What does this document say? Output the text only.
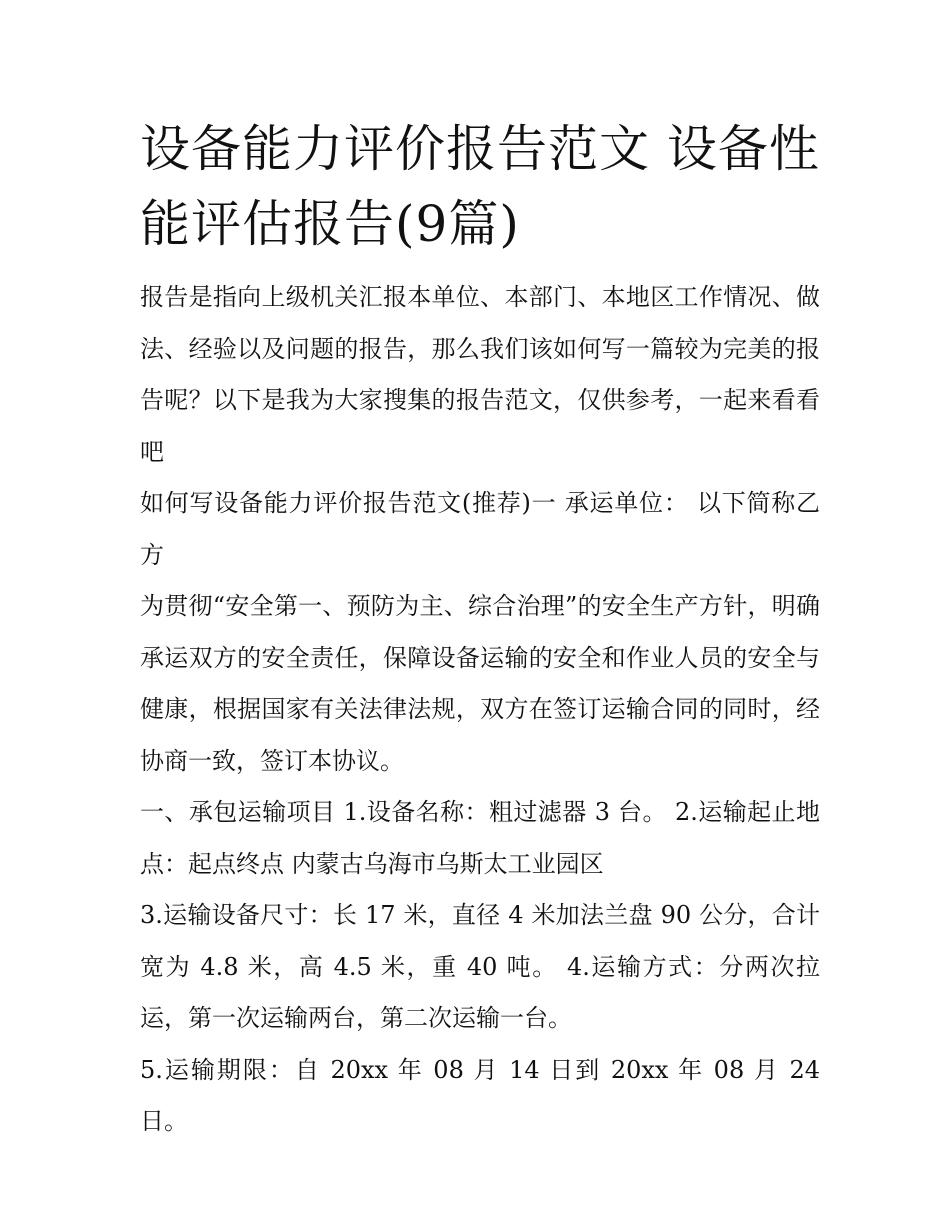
设备能力评价报告范文 设备性能评估报告(9篇)

报告是指向上级机关汇报本单位、本部门、本地区工作情况、做法、经验以及问题的报告，那么我们该如何写一篇较为完美的报告呢？以下是我为大家搜集的报告范文，仅供参考，一起来看看吧

如何写设备能力评价报告范文(推荐)一 承运单位： 以下简称乙方

为贯彻“安全第一、预防为主、综合治理”的安全生产方针，明确承运双方的安全责任，保障设备运输的安全和作业人员的安全与健康，根据国家有关法律法规，双方在签订运输合同的同时，经协商一致，签订本协议。

一、承包运输项目 1.设备名称：粗过滤器 3 台。 2.运输起止地点：起点终点 内蒙古乌海市乌斯太工业园区

3.运输设备尺寸：长 17 米，直径 4 米加法兰盘 90 公分，合计宽为 4.8 米，高 4.5 米，重 40 吨。 4.运输方式：分两次拉运，第一次运输两台，第二次运输一台。

5.运输期限：自 20xx 年 08 月 14 日到 20xx 年 08 月 24 日。
